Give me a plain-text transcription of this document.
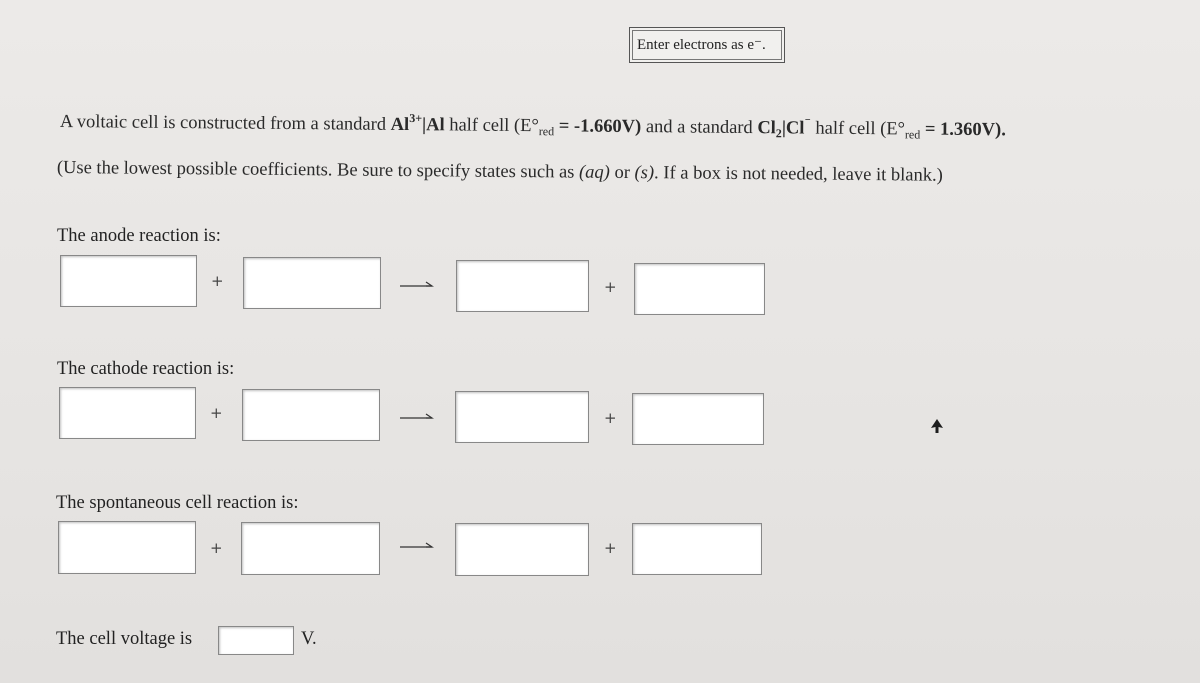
Enter electrons as e⁻.
A voltaic cell is constructed from a standard $Al^{3+}|Al$ half cell $(E^\circ_{red} = -1.660V)$ and a standard $Cl_2|Cl^{^-}$ half cell $(E^\circ_{red} = 1.360V)$.
(Use the lowest possible coefficients. Be sure to specify states such as (aq) or (s). If a box is not needed, leave it blank.)
The anode reaction is:
+	+
The cathode reaction is:
+	+
The spontaneous cell reaction is:
+	+
The cell voltage is	V.
